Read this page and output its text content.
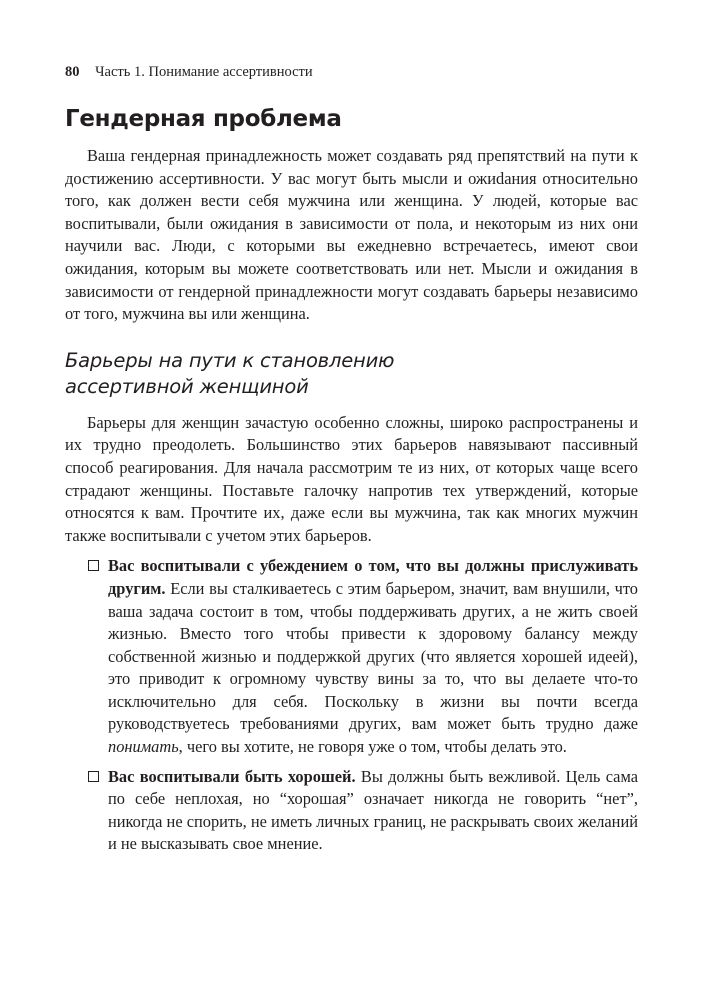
80 Часть 1. Понимание ассертивности
Гендерная проблема

Ваша гендерная принадлежность может создавать ряд препятствий на пути к достижению ассертивности. У вас могут быть мысли и ожиdания относительно того, как должен вести себя мужчина или женщина. У людей, которые вас воспитывали, были ожидания в зависимости от пола, и некоторым из них они научили вас. Люди, с которыми вы ежедневно встречаетесь, имеют свои ожидания, которым вы можете соответствовать или нет. Мысли и ожидания в зависимости от гендерной принадлежности могут создавать барьеры независимо от того, мужчина вы или женщина.

Барьеры на пути к становлению
ассертивной женщиной

Барьеры для женщин зачастую особенно сложны, широко распространены и их трудно преодолеть. Большинство этих барьеров навязывают пассивный способ реагирования. Для начала рассмотрим те из них, от которых чаще всего страдают женщины. Поставьте галочку напротив тех утверждений, которые относятся к вам. Прочтите их, даже если вы мужчина, так как многих мужчин также воспитывали с учетом этих барьеров.

Вас воспитывали с убеждением о том, что вы должны прислуживать другим. Если вы сталкиваетесь с этим барьером, значит, вам внушили, что ваша задача состоит в том, чтобы поддерживать других, а не жить своей жизнью. Вместо того чтобы привести к здоровому балансу между собственной жизнью и поддержкой других (что является хорошей идеей), это приводит к огромному чувству вины за то, что вы делаете что-то исключительно для себя. Поскольку в жизни вы почти всегда руководствуетесь требованиями других, вам может быть трудно даже понимать, чего вы хотите, не говоря уже о том, чтобы делать это.
Вас воспитывали быть хорошей. Вы должны быть вежливой. Цель сама по себе неплохая, но “хорошая” означает никогда не говорить “нет”, никогда не спорить, не иметь личных границ, не раскрывать своих желаний и не высказывать свое мнение.
